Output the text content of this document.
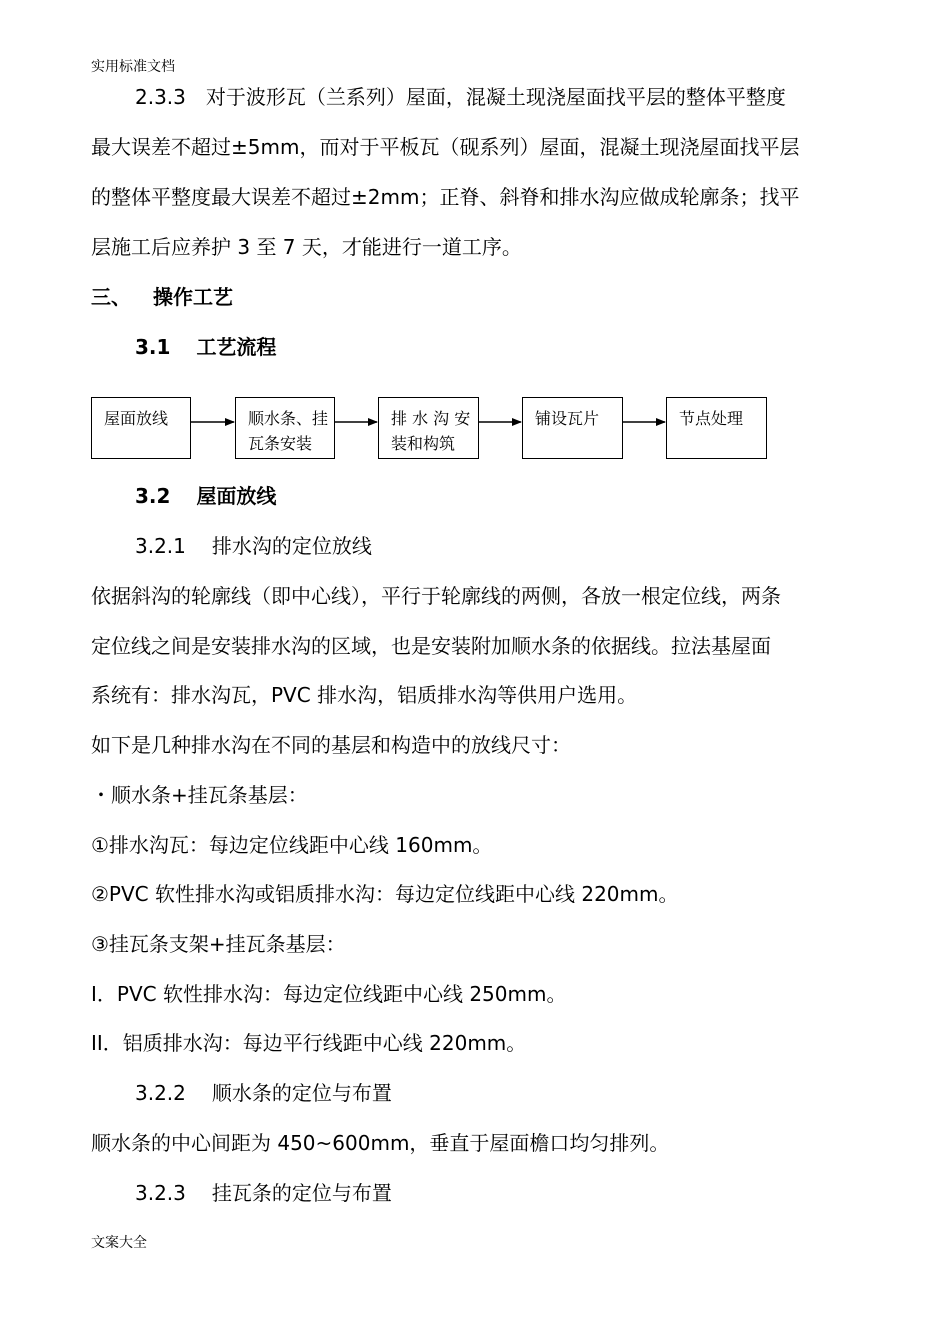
实用标准文档
2.3.3　对于波形瓦（兰系列）屋面，混凝土现浇屋面找平层的整体平整度
最大误差不超过±5mm，而对于平板瓦（砚系列）屋面，混凝土现浇屋面找平层
的整体平整度最大误差不超过±2mm；正脊、斜脊和排水沟应做成轮廓条；找平
层施工后应养护 3 至 7 天，才能进行一道工序。
三、 操作工艺
3.1 工艺流程
屋面放线	顺水条、挂
瓦条安装
排 水 沟 安
装和构筑
铺设瓦片	节点处理
3.2 屋面放线
3.2.1 排水沟的定位放线
依据斜沟的轮廓线（即中心线），平行于轮廓线的两侧，各放一根定位线，两条
定位线之间是安装排水沟的区域，也是安装附加顺水条的依据线。拉法基屋面
系统有：排水沟瓦，PVC 排水沟，铝质排水沟等供用户选用。
如下是几种排水沟在不同的基层和构造中的放线尺寸：
・顺水条+挂瓦条基层：
①排水沟瓦：每边定位线距中心线 160mm。
②PVC 软性排水沟或铝质排水沟：每边定位线距中心线 220mm。
③挂瓦条支架+挂瓦条基层：
I．PVC 软性排水沟：每边定位线距中心线 250mm。
II．铝质排水沟：每边平行线距中心线 220mm。
3.2.2 顺水条的定位与布置
顺水条的中心间距为 450~600mm，垂直于屋面檐口均匀排列。
3.2.3 挂瓦条的定位与布置
文案大全
